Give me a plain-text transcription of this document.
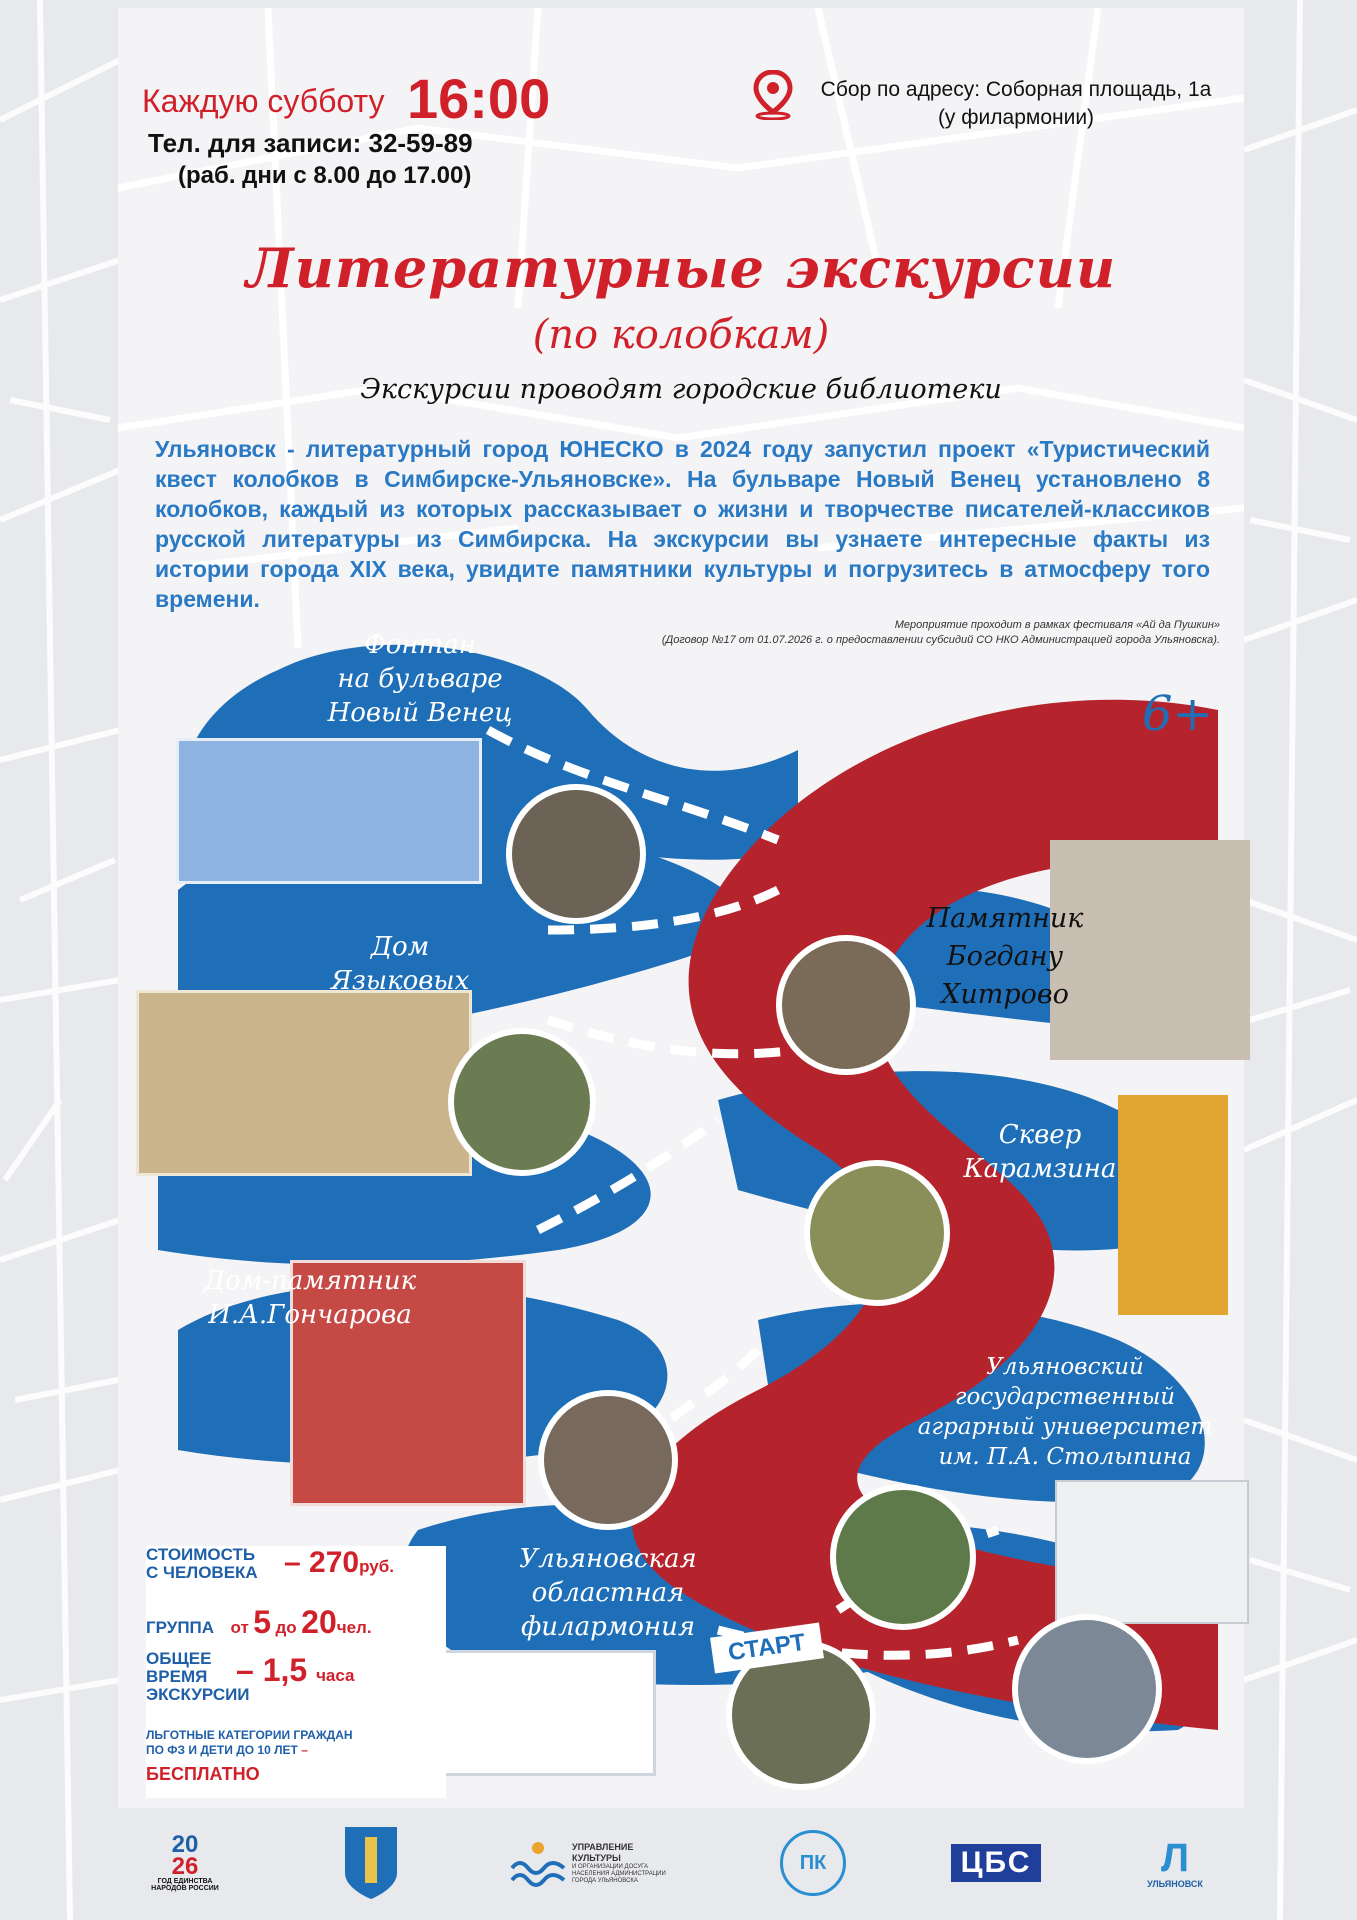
Каждую субботу 16:00
Тел. для записи: 32-59-89
(раб. дни с 8.00 до 17.00)
Сбор по адресу: Соборная площадь, 1а
(у филармонии)
Литературные экскурсии
(по колобкам)
Экскурсии проводят городские библиотеки
Ульяновск - литературный город ЮНЕСКО в 2024 году запустил проект «Туристический квест колобков в Симбирске-Ульяновске». На бульваре Новый Венец установлено 8 колобков, каждый из которых рассказывает о жизни и творчестве писателей-классиков русской литературы из Симбирска. На экскурсии вы узнаете интересные факты из истории города XIX века, увидите памятники культуры и погрузитесь в атмосферу того времени.
Мероприятие проходит в рамках фестиваля «Ай да Пушкин»
(Договор №17 от 01.07.2026 г. о предоставлении субсидий СО НКО Администрацией города Ульяновска).
Фонтан
на бульваре
Новый Венец
Памятник
Богдану
Хитрово
Дом
Языковых
Сквер
Карамзина
Дом-памятник
И.А.Гончарова
Ульяновский
государственный
аграрный университет
им. П.А. Столыпина
Ульяновская
областная
филармония
СТАРТ
6+
СТОИМОСТЬ
С ЧЕЛОВЕКА – 270руб.
ГРУППА от 5 до 20чел.
ОБЩЕЕ
ВРЕМЯ
ЭКСКУРСИИ
– 1,5 часа
ЛЬГОТНЫЕ КАТЕГОРИИ ГРАЖДАН
ПО ФЗ И ДЕТИ ДО 10 ЛЕТ –
БЕСПЛАТНО
20
26
ГОД ЕДИНСТВА НАРОДОВ РОССИИ
УПРАВЛЕНИЕ
КУЛЬТУРЫ
И ОРГАНИЗАЦИИ ДОСУГА НАСЕЛЕНИЯ АДМИНИСТРАЦИИ ГОРОДА УЛЬЯНОВСКА
ПК	ЦБС	Л
УЛЬЯНОВСК
